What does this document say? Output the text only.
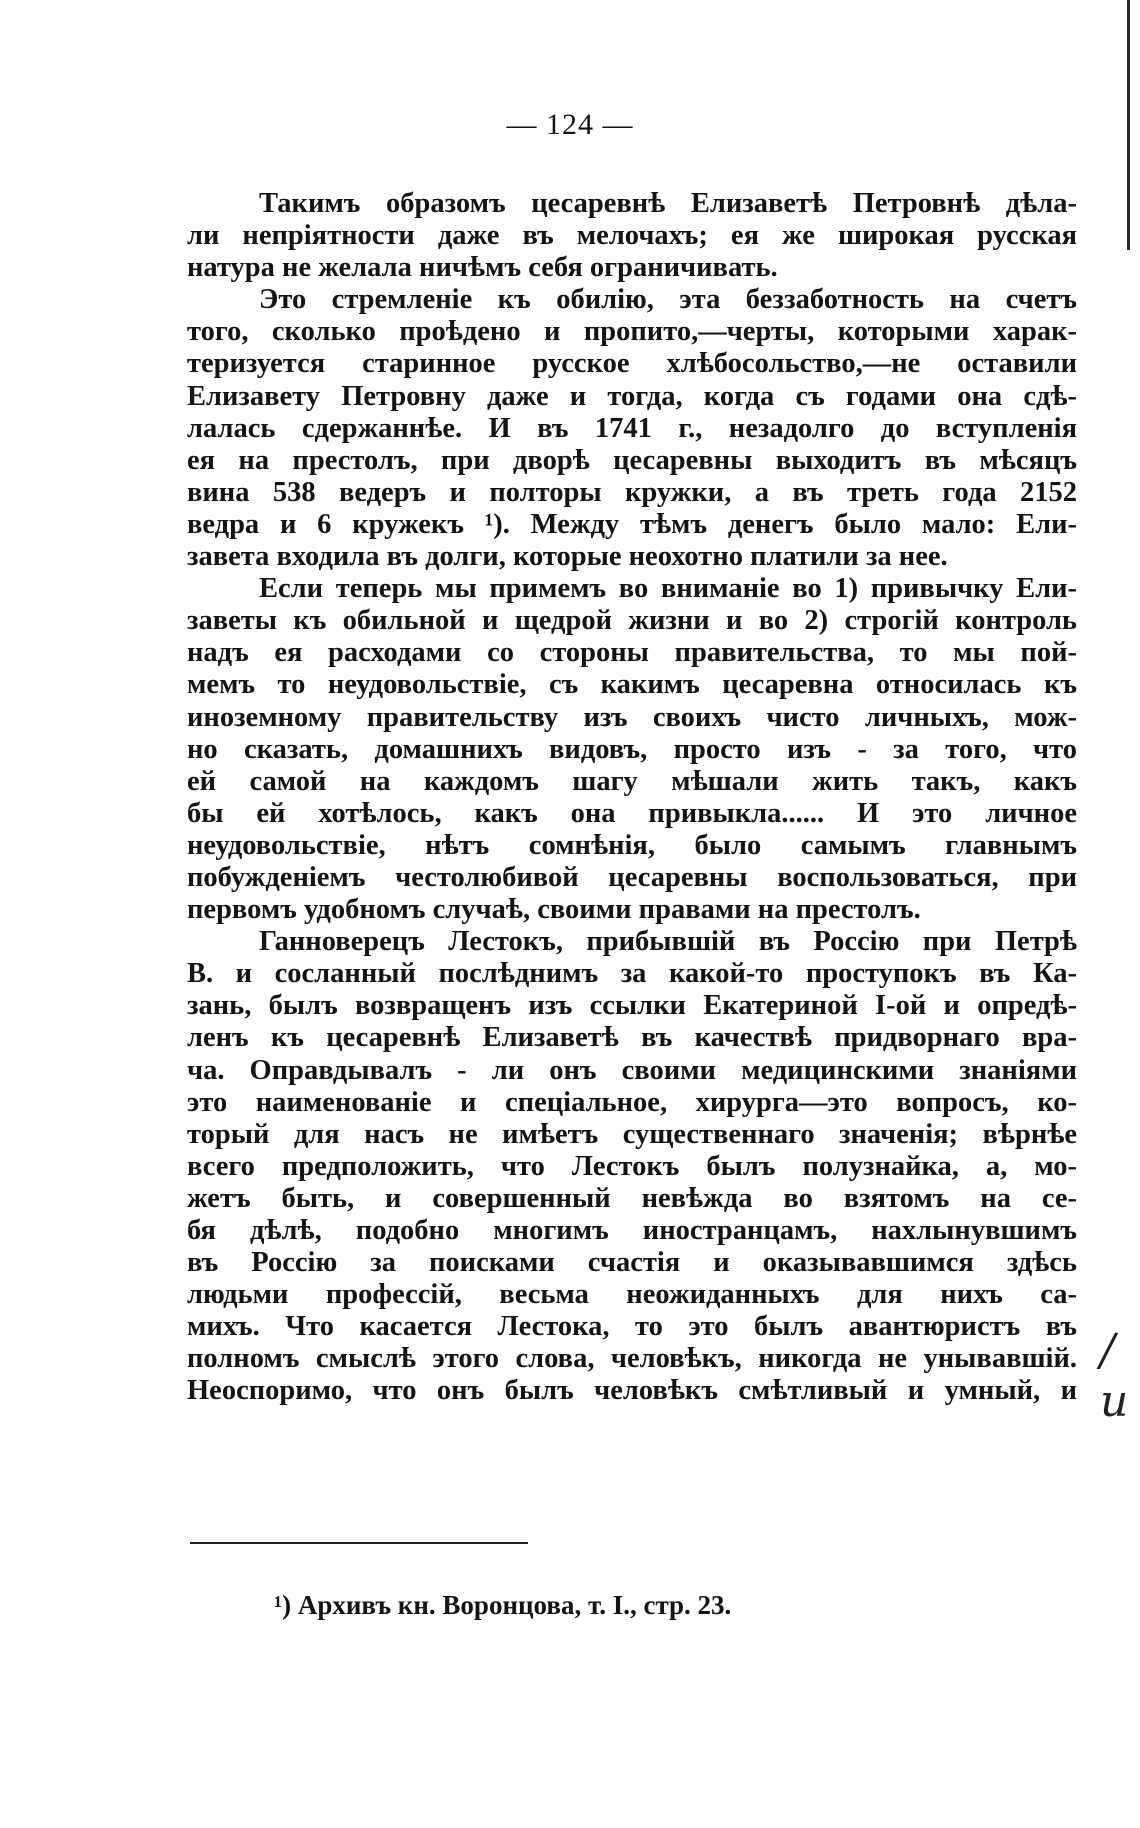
— 124 —
Такимъ образомъ цесаревнѣ Елизаветѣ Петровнѣ дѣла-
ли непріятности даже въ мелочахъ; ея же широкая русская
натура не желала ничѣмъ себя ограничивать.
Это стремленіе къ обилію, эта беззаботность на счетъ
того, сколько проѣдено и пропито,—черты, которыми харак-
теризуется старинное русское хлѣбосольство,—не оставили
Елизавету Петровну даже и тогда, когда съ годами она сдѣ-
лалась сдержаннѣе. И въ 1741 г., незадолго до вступленія
ея на престолъ, при дворѣ цесаревны выходитъ въ мѣсяцъ
вина 538 ведеръ и полторы кружки, а въ треть года 2152
ведра и 6 кружекъ ¹). Между тѣмъ денегъ было мало: Ели-
завета входила въ долги, которые неохотно платили за нее.
Если теперь мы примемъ во вниманіе во 1) привычку Ели-
заветы къ обильной и щедрой жизни и во 2) строгій контроль
надъ ея расходами со стороны правительства, то мы пой-
мемъ то неудовольствіе, съ какимъ цесаревна относилась къ
иноземному правительству изъ своихъ чисто личныхъ, мож-
но сказать, домашнихъ видовъ, просто изъ - за того, что
ей самой на каждомъ шагу мѣшали жить такъ, какъ
бы ей хотѣлось, какъ она привыкла...... И это личное
неудовольствіе, нѣтъ сомнѣнія, было самымъ главнымъ
побужденіемъ честолюбивой цесаревны воспользоваться, при
первомъ удобномъ случаѣ, своими правами на престолъ.
Ганноверецъ Лестокъ, прибывшій въ Россію при Петрѣ
В. и сосланный послѣднимъ за какой-то проступокъ въ Ка-
зань, былъ возвращенъ изъ ссылки Екатериной I-ой и опредѣ-
ленъ къ цесаревнѣ Елизаветѣ въ качествѣ придворнаго вра-
ча. Оправдывалъ - ли онъ своими медицинскими знаніями
это наименованіе и спеціальное, хирурга—это вопросъ, ко-
торый для насъ не имѣетъ существеннаго значенія; вѣрнѣе
всего предположить, что Лестокъ былъ полузнайка, а, мо-
жетъ быть, и совершенный невѣжда во взятомъ на се-
бя дѣлѣ, подобно многимъ иностранцамъ, нахлынувшимъ
въ Россію за поисками счастія и оказывавшимся здѣсь
людьми профессій, весьма неожиданныхъ для нихъ са-
михъ. Что касается Лестока, то это былъ авантюристъ въ
полномъ смыслѣ этого слова, человѣкъ, никогда не унывавшій.
Неоспоримо, что онъ былъ человѣкъ смѣтливый и умный, и
¹) Архивъ кн. Воронцова, т. I., стр. 23.
/и
